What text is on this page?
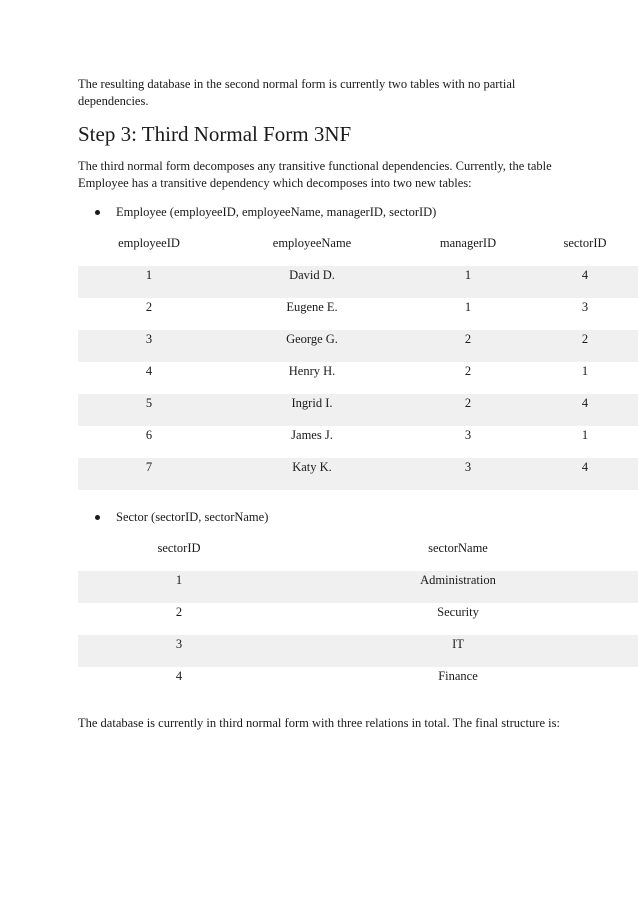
The resulting database in the second normal form is currently two tables with no partial dependencies.

Step 3: Third Normal Form 3NF

The third normal form decomposes any transitive functional dependencies. Currently, the table Employee has a transitive dependency which decomposes into two new tables:

Employee (employeeID, employeeName, managerID, sectorID)
employeeID	employeeName	managerID	sectorID
1	David D.	1	4
2	Eugene E.	1	3
3	George G.	2	2
4	Henry H.	2	1
5	Ingrid I.	2	4
6	James J.	3	1
7	Katy K.	3	4
Sector (sectorID, sectorName)
sectorID	sectorName
1	Administration
2	Security
3	IT
4	Finance

The database is currently in third normal form with three relations in total. The final structure is:
